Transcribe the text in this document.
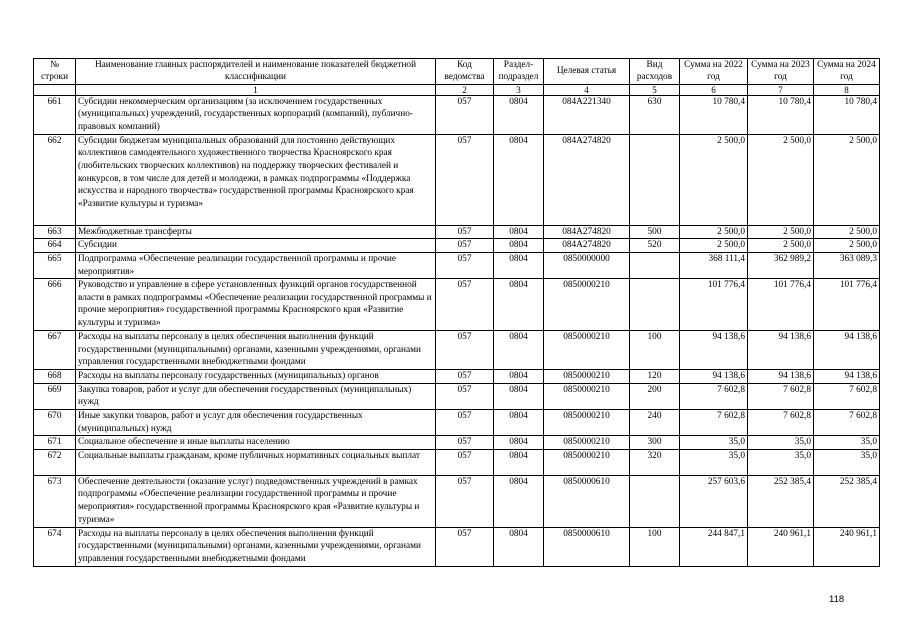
№ строки	Наименование главных распорядителей и наименование показателей бюджетной классификации	Код ведомства	Раздел-подраздел	Целевая статья	Вид расходов	Сумма на 2022 год	Сумма на 2023 год	Сумма на 2024 год
	1	2	3	4	5	6	7	8
661	Субсидии некоммерческим организациям (за исключением государственных (муниципальных) учреждений, государственных корпораций (компаний), публично-правовых компаний)	057	0804	084А221340	630	10 780,4	10 780,4	10 780,4
662	Субсидии бюджетам муниципальных образований для постоянно действующих коллективов самодеятельного художественного творчества Красноярского края (любительских творческих коллективов) на поддержку творческих фестивалей и конкурсов, в том числе для детей и молодежи, в рамках подпрограммы «Поддержка искусства и народного творчества» государственной программы Красноярского края «Развитие культуры и туризма»	057	0804	084А274820		2 500,0	2 500,0	2 500,0
663	Межбюджетные трансферты	057	0804	084А274820	500	2 500,0	2 500,0	2 500,0
664	Субсидии	057	0804	084А274820	520	2 500,0	2 500,0	2 500,0
665	Подпрограмма «Обеспечение реализации государственной программы и прочие мероприятия»	057	0804	0850000000		368 111,4	362 989,2	363 089,3
666	Руководство и управление в сфере установленных функций органов государственной власти в рамках подпрограммы «Обеспечение реализации государственной программы и прочие мероприятия» государственной программы Красноярского края «Развитие культуры и туризма»	057	0804	0850000210		101 776,4	101 776,4	101 776,4
667	Расходы на выплаты персоналу в целях обеспечения выполнения функций государственными (муниципальными) органами, казенными учреждениями, органами управления государственными внебюджетными фондами	057	0804	0850000210	100	94 138,6	94 138,6	94 138,6
668	Расходы на выплаты персоналу государственных (муниципальных) органов	057	0804	0850000210	120	94 138,6	94 138,6	94 138,6
669	Закупка товаров, работ и услуг для обеспечения государственных (муниципальных) нужд	057	0804	0850000210	200	7 602,8	7 602,8	7 602,8
670	Иные закупки товаров, работ и услуг для обеспечения государственных (муниципальных) нужд	057	0804	0850000210	240	7 602,8	7 602,8	7 602,8
671	Социальное обеспечение и иные выплаты населению	057	0804	0850000210	300	35,0	35,0	35,0
672	Социальные выплаты гражданам, кроме публичных нормативных социальных выплат	057	0804	0850000210	320	35,0	35,0	35,0
673	Обеспечение деятельности (оказание услуг) подведомственных учреждений в рамках подпрограммы «Обеспечение реализации государственной программы и прочие мероприятия» государственной программы Красноярского края «Развитие культуры и туризма»	057	0804	0850000610		257 603,6	252 385,4	252 385,4
674	Расходы на выплаты персоналу в целях обеспечения выполнения функций государственными (муниципальными) органами, казенными учреждениями, органами управления государственными внебюджетными фондами	057	0804	0850000610	100	244 847,1	240 961,1	240 961,1
118
